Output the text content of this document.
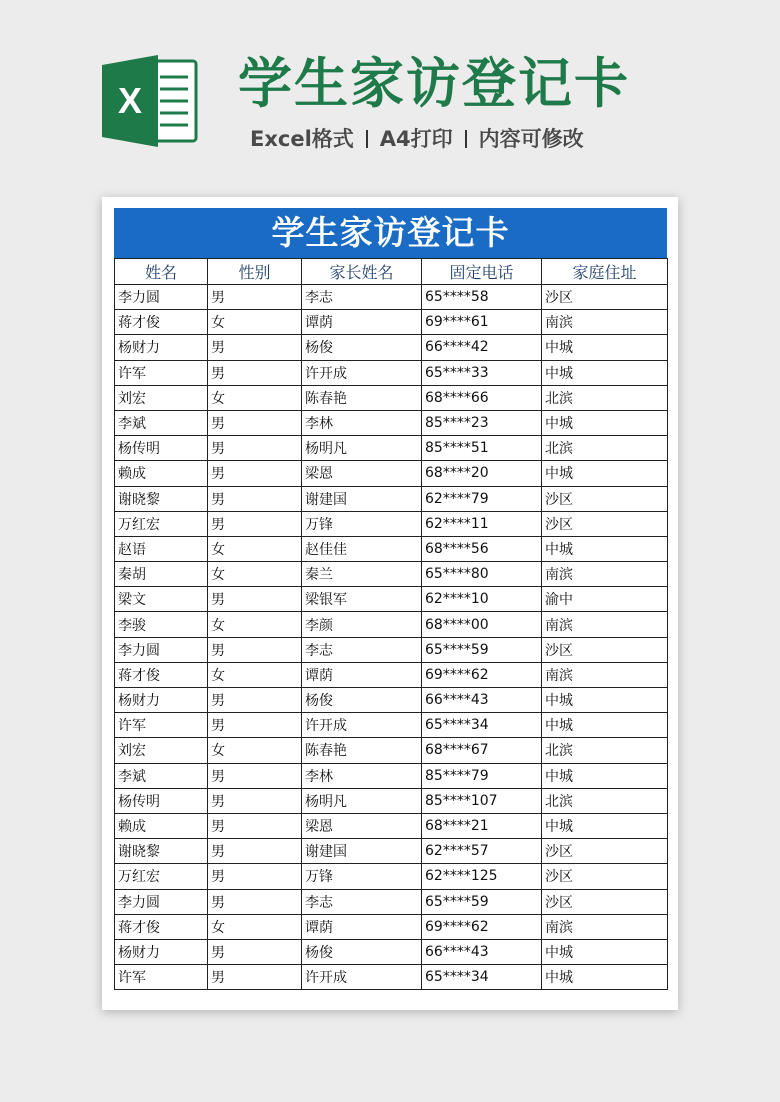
X 学生家访登记卡
Excel格式 A4打印 内容可修改
学生家访登记卡
姓名	性别	家长姓名	固定电话	家庭住址
李力圆	男	李志	65****58	沙区
蒋才俊	女	谭荫	69****61	南滨
杨财力	男	杨俊	66****42	中城
许军	男	许开成	65****33	中城
刘宏	女	陈春艳	68****66	北滨
李斌	男	李林	85****23	中城
杨传明	男	杨明凡	85****51	北滨
赖成	男	梁恩	68****20	中城
谢晓黎	男	谢建国	62****79	沙区
万红宏	男	万锋	62****11	沙区
赵语	女	赵佳佳	68****56	中城
秦胡	女	秦兰	65****80	南滨
梁文	男	梁银军	62****10	渝中
李骏	女	李颜	68****00	南滨
李力圆	男	李志	65****59	沙区
蒋才俊	女	谭荫	69****62	南滨
杨财力	男	杨俊	66****43	中城
许军	男	许开成	65****34	中城
刘宏	女	陈春艳	68****67	北滨
李斌	男	李林	85****79	中城
杨传明	男	杨明凡	85****107	北滨
赖成	男	梁恩	68****21	中城
谢晓黎	男	谢建国	62****57	沙区
万红宏	男	万锋	62****125	沙区
李力圆	男	李志	65****59	沙区
蒋才俊	女	谭荫	69****62	南滨
杨财力	男	杨俊	66****43	中城
许军	男	许开成	65****34	中城
